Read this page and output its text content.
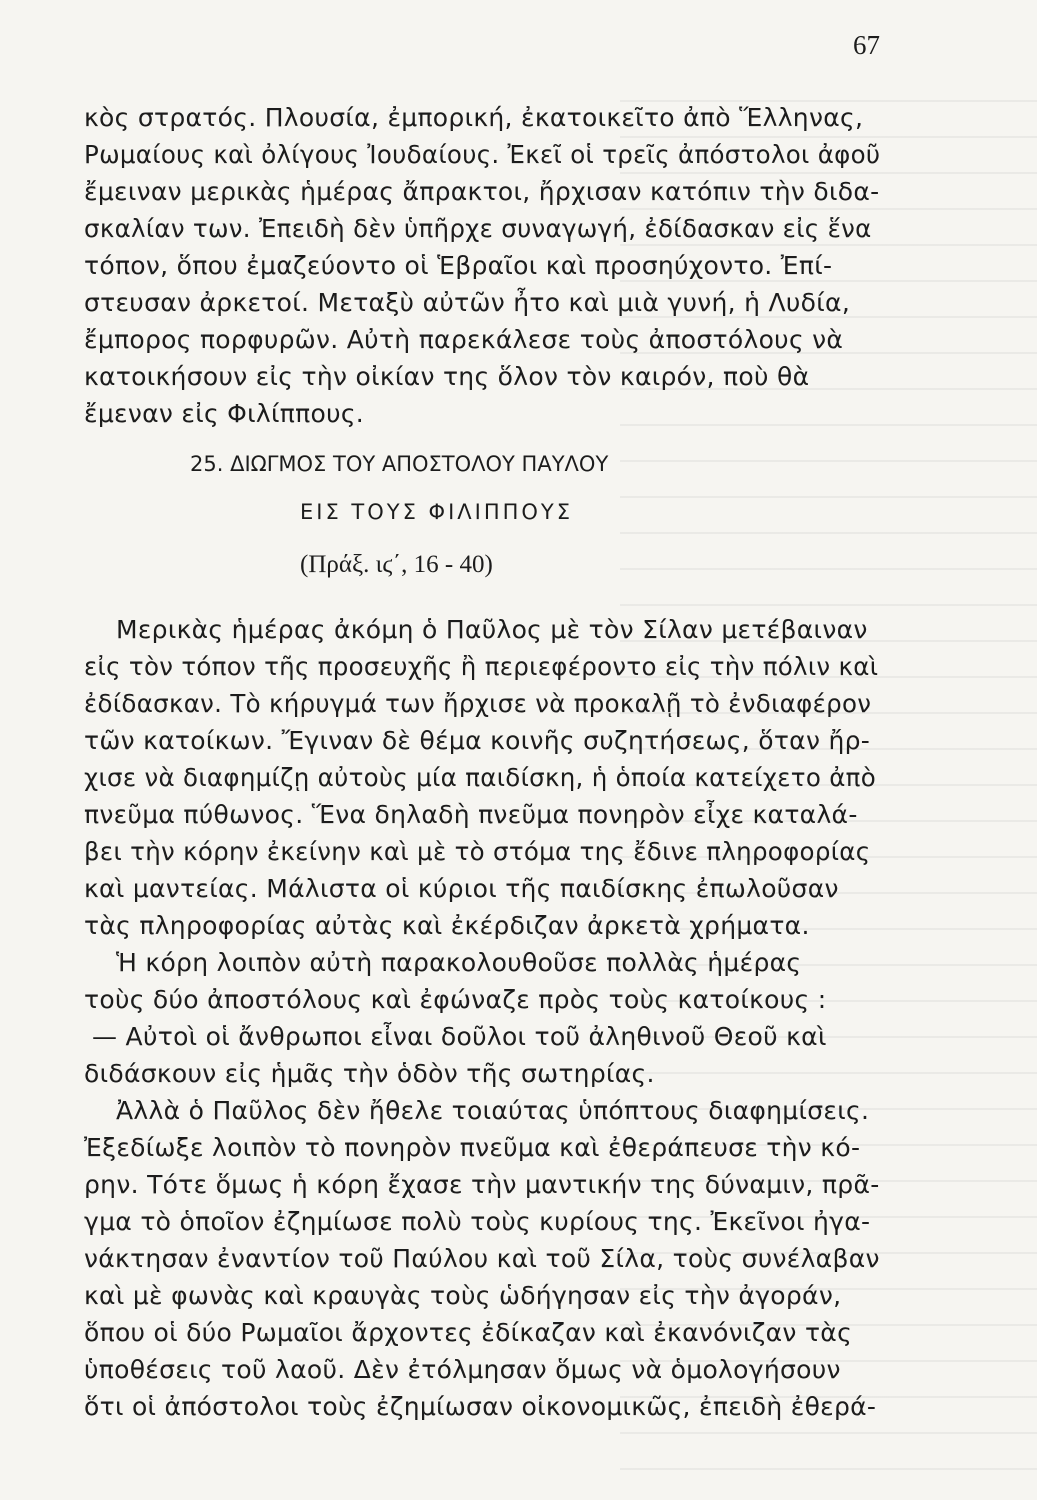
67
κὸς στρατός. Πλουσία, ἐμπορική, ἐκατοικεῖτο ἀπὸ Ἕλληνας,
Ρωμαίους καὶ ὀλίγους Ἰουδαίους. Ἐκεῖ οἱ τρεῖς ἀπόστολοι ἀφοῦ
ἔμειναν μερικὰς ἡμέρας ἄπρακτοι, ἤρχισαν κατόπιν τὴν διδα-
σκαλίαν των. Ἐπειδὴ δὲν ὑπῆρχε συναγωγή, ἐδίδασκαν εἰς ἕνα
τόπον, ὅπου ἐμαζεύοντο οἱ Ἑβραῖοι καὶ προσηύχοντο. Ἐπί-
στευσαν ἀρκετοί. Μεταξὺ αὐτῶν ἦτο καὶ μιὰ γυνή, ἡ Λυδία,
ἔμπορος πορφυρῶν. Αὐτὴ παρεκάλεσε τοὺς ἀποστόλους νὰ
κατοικήσουν εἰς τὴν οἰκίαν της ὅλον τὸν καιρόν, ποὺ θὰ
ἔμεναν εἰς Φιλίππους.
25. ΔΙΩΓΜΟΣ ΤΟΥ ΑΠΟΣΤΟΛΟΥ ΠΑΥΛΟΥ
ΕΙΣ ΤΟΥΣ ΦΙΛΙΠΠΟΥΣ
(Πράξ. ιϛ΄, 16 - 40)
Μερικὰς ἡμέρας ἀκόμη ὁ Παῦλος μὲ τὸν Σίλαν μετέβαιναν
εἰς τὸν τόπον τῆς προσευχῆς ἢ περιεφέροντο εἰς τὴν πόλιν καὶ
ἐδίδασκαν. Τὸ κήρυγμά των ἤρχισε νὰ προκαλῇ τὸ ἐνδιαφέρον
τῶν κατοίκων. Ἔγιναν δὲ θέμα κοινῆς συζητήσεως, ὅταν ἤρ-
χισε νὰ διαφημίζῃ αὐτοὺς μία παιδίσκη, ἡ ὁποία κατείχετο ἀπὸ
πνεῦμα πύθωνος. Ἕνα δηλαδὴ πνεῦμα πονηρὸν εἶχε καταλά-
βει τὴν κόρην ἐκείνην καὶ μὲ τὸ στόμα της ἔδινε πληροφορίας
καὶ μαντείας. Μάλιστα οἱ κύριοι τῆς παιδίσκης ἐπωλοῦσαν
τὰς πληροφορίας αὐτὰς καὶ ἐκέρδιζαν ἀρκετὰ χρήματα.
Ἡ κόρη λοιπὸν αὐτὴ παρακολουθοῦσε πολλὰς ἡμέρας
τοὺς δύο ἀποστόλους καὶ ἐφώναζε πρὸς τοὺς κατοίκους :
— Αὐτοὶ οἱ ἄνθρωποι εἶναι δοῦλοι τοῦ ἀληθινοῦ Θεοῦ καὶ
διδάσκουν εἰς ἡμᾶς τὴν ὁδὸν τῆς σωτηρίας.
Ἀλλὰ ὁ Παῦλος δὲν ἤθελε τοιαύτας ὑπόπτους διαφημίσεις.
Ἐξεδίωξε λοιπὸν τὸ πονηρὸν πνεῦμα καὶ ἐθεράπευσε τὴν κό-
ρην. Τότε ὅμως ἡ κόρη ἔχασε τὴν μαντικήν της δύναμιν, πρᾶ-
γμα τὸ ὁποῖον ἐζημίωσε πολὺ τοὺς κυρίους της. Ἐκεῖνοι ἠγα-
νάκτησαν ἐναντίον τοῦ Παύλου καὶ τοῦ Σίλα, τοὺς συνέλαβαν
καὶ μὲ φωνὰς καὶ κραυγὰς τοὺς ὡδήγησαν εἰς τὴν ἀγοράν,
ὅπου οἱ δύο Ρωμαῖοι ἄρχοντες ἐδίκαζαν καὶ ἐκανόνιζαν τὰς
ὑποθέσεις τοῦ λαοῦ. Δὲν ἐτόλμησαν ὅμως νὰ ὁμολογήσουν
ὅτι οἱ ἀπόστολοι τοὺς ἐζημίωσαν οἰκονομικῶς, ἐπειδὴ ἐθερά-
